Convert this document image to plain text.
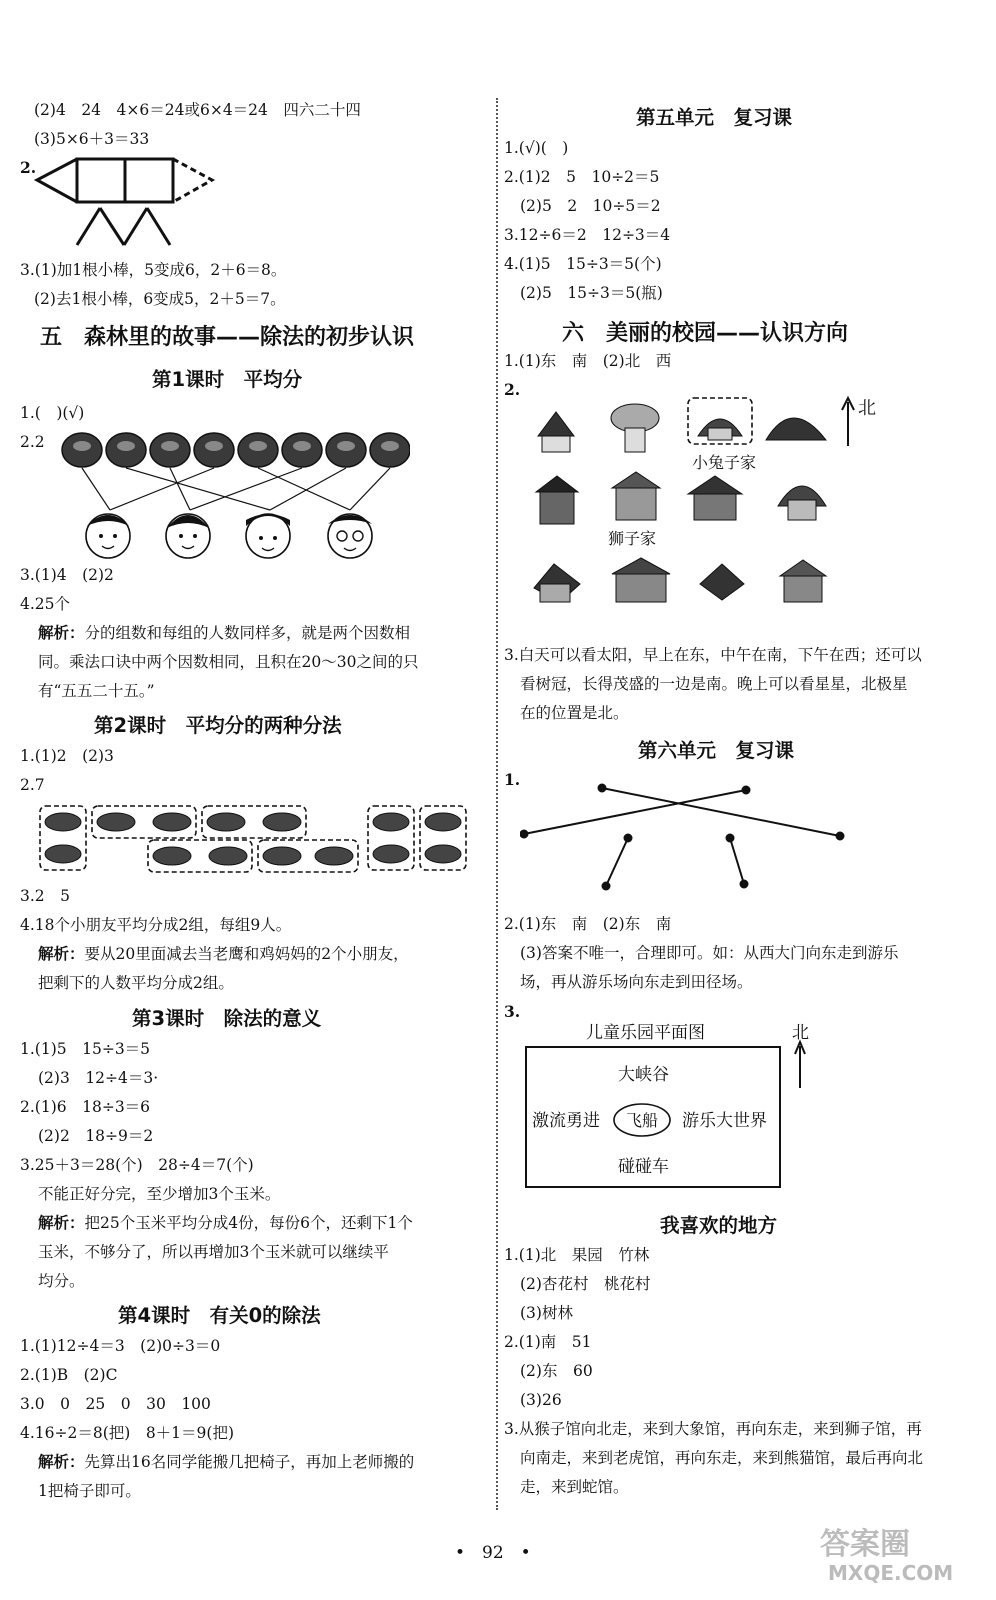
(2)4　24　4×6＝24或6×4＝24　四六二十四
(3)5×6＋3＝33
2.
3.(1)加1根小棒，5变成6，2＋6＝8。
(2)去1根小棒，6变成5，2＋5＝7。
五　森林里的故事——除法的初步认识
第1课时　平均分
1.(　)(√)
2.2
3.(1)4　(2)2
4.25个
解析：分的组数和每组的人数同样多，就是两个因数相
同。乘法口诀中两个因数相同，且积在20～30之间的只
有“五五二十五。”
第2课时　平均分的两种分法
1.(1)2　(2)3
2.7
3.2　5
4.18个小朋友平均分成2组，每组9人。
解析：要从20里面减去当老鹰和鸡妈妈的2个小朋友，
把剩下的人数平均分成2组。
第3课时　除法的意义
1.(1)5　15÷3＝5
(2)3　12÷4＝3·
2.(1)6　18÷3＝6
(2)2　18÷9＝2
3.25＋3＝28(个)　28÷4＝7(个)
不能正好分完，至少增加3个玉米。
解析：把25个玉米平均分成4份，每份6个，还剩下1个
玉米，不够分了，所以再增加3个玉米就可以继续平
均分。
第4课时　有关0的除法
1.(1)12÷4＝3　(2)0÷3＝0
2.(1)B　(2)C
3.0　0　25　0　30　100
4.16÷2＝8(把)　8＋1＝9(把)
解析：先算出16名同学能搬几把椅子，再加上老师搬的
1把椅子即可。
第五单元　复习课
1.(√)(　)
2.(1)2　5　10÷2＝5
(2)5　2　10÷5＝2
3.12÷6＝2　12÷3＝4
4.(1)5　15÷3＝5(个)
(2)5　15÷3＝5(瓶)
六　美丽的校园——认识方向
1.(1)东　南　(2)北　西
2.
北
小兔子家
狮子家
3.白天可以看太阳，早上在东，中午在南，下午在西；还可以
看树冠，长得茂盛的一边是南。晚上可以看星星，北极星
在的位置是北。
第六单元　复习课
1.
2.(1)东　南　(2)东　南
(3)答案不唯一，合理即可。如：从西大门向东走到游乐
场，再从游乐场向东走到田径场。
3.
儿童乐园平面图	北
大峡谷
激流勇进 飞船 游乐大世界
碰碰车
我喜欢的地方
1.(1)北　果园　竹林
(2)杏花村　桃花村
(3)树林
2.(1)南　51
(2)东　60
(3)26
3.从猴子馆向北走，来到大象馆，再向东走，来到狮子馆，再
向南走，来到老虎馆，再向东走，来到熊猫馆，最后再向北
走，来到蛇馆。
•　92　•	答案圈
MXQE.COM
